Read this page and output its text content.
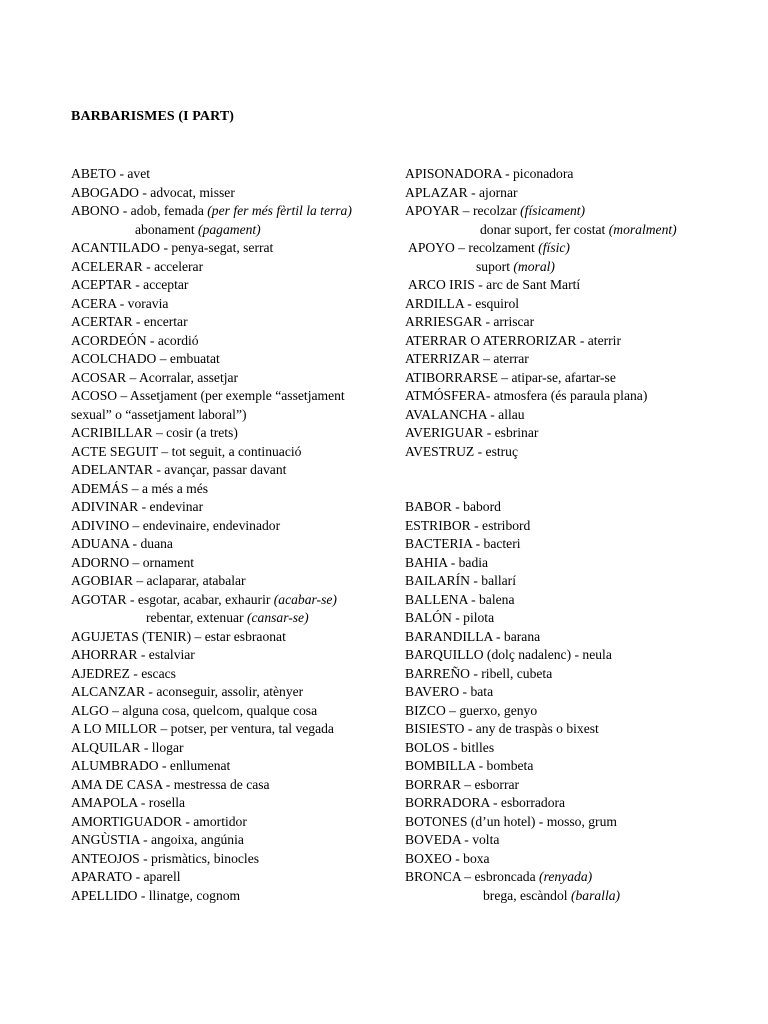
BARBARISMES (I PART)
ABETO - avet
ABOGADO - advocat, misser
ABONO - adob, femada (per fer més fèrtil la terra)
abonament (pagament)
ACANTILADO - penya-segat, serrat
ACELERAR - accelerar
ACEPTAR - acceptar
ACERA - voravia
ACERTAR - encertar
ACORDEÓN - acordió
ACOLCHADO – embuatat
ACOSAR – Acorralar, assetjar
ACOSO – Assetjament (per exemple “assetjament
sexual” o “assetjament laboral”)
ACRIBILLAR – cosir (a trets)
ACTE SEGUIT – tot seguit, a continuació
ADELANTAR - avançar, passar davant
ADEMÁS – a més a més
ADIVINAR - endevinar
ADIVINO – endevinaire, endevinador
ADUANA - duana
ADORNO – ornament
AGOBIAR – aclaparar, atabalar
AGOTAR - esgotar, acabar, exhaurir (acabar-se)
rebentar, extenuar (cansar-se)
AGUJETAS (TENIR) – estar esbraonat
AHORRAR - estalviar
AJEDREZ - escacs
ALCANZAR - aconseguir, assolir, atènyer
ALGO – alguna cosa, quelcom, qualque cosa
A LO MILLOR – potser, per ventura, tal vegada
ALQUILAR - llogar
ALUMBRADO - enllumenat
AMA DE CASA - mestressa de casa
AMAPOLA - rosella
AMORTIGUADOR - amortidor
ANGÙSTIA - angoixa, angúnia
ANTEOJOS - prismàtics, binocles
APARATO - aparell
APELLIDO - llinatge, cognom
APISONADORA - piconadora
APLAZAR - ajornar
APOYAR – recolzar (físicament)
donar suport, fer costat (moralment)
APOYO – recolzament (físic)
suport (moral)
ARCO IRIS - arc de Sant Martí
ARDILLA - esquirol
ARRIESGAR - arriscar
ATERRAR O ATERRORIZAR - aterrir
ATERRIZAR – aterrar
ATIBORRARSE – atipar-se, afartar-se
ATMÓSFERA- atmosfera (és paraula plana)
AVALANCHA - allau
AVERIGUAR - esbrinar
AVESTRUZ - estruç
BABOR - babord
ESTRIBOR - estribord
BACTERIA - bacteri
BAHIA - badia
BAILARÍN - ballarí
BALLENA - balena
BALÓN - pilota
BARANDILLA - barana
BARQUILLO (dolç nadalenc) - neula
BARREÑO - ribell, cubeta
BAVERO - bata
BIZCO – guerxo, genyo
BISIESTO - any de traspàs o bixest
BOLOS - bitlles
BOMBILLA - bombeta
BORRAR – esborrar
BORRADORA - esborradora
BOTONES (d’un hotel) - mosso, grum
BOVEDA - volta
BOXEO - boxa
BRONCA – esbroncada (renyada)
brega, escàndol (baralla)
